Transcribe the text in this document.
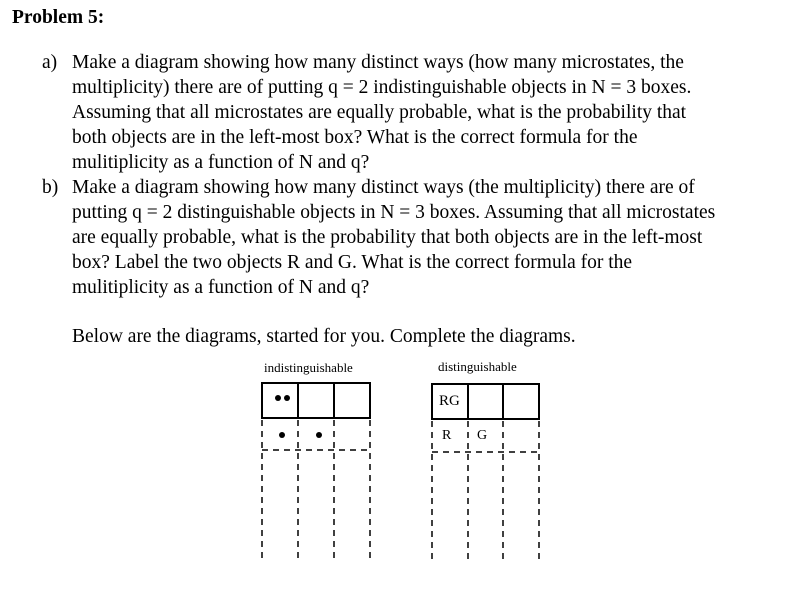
Problem 5:
a) Make a diagram showing how many distinct ways (how many microstates, the
multiplicity) there are of putting q = 2 indistinguishable objects in N = 3 boxes.
Assuming that all microstates are equally probable, what is the probability that
both objects are in the left-most box? What is the correct formula for the
mulitiplicity as a function of N and q?
b) Make a diagram showing how many distinct ways (the multiplicity) there are of
putting q = 2 distinguishable objects in N = 3 boxes. Assuming that all microstates
are equally probable, what is the probability that both objects are in the left-most
box? Label the two objects R and G. What is the correct formula for the
mulitiplicity as a function of N and q?
Below are the diagrams, started for you. Complete the diagrams.
indistinguishable	distinguishable
RG
R G
